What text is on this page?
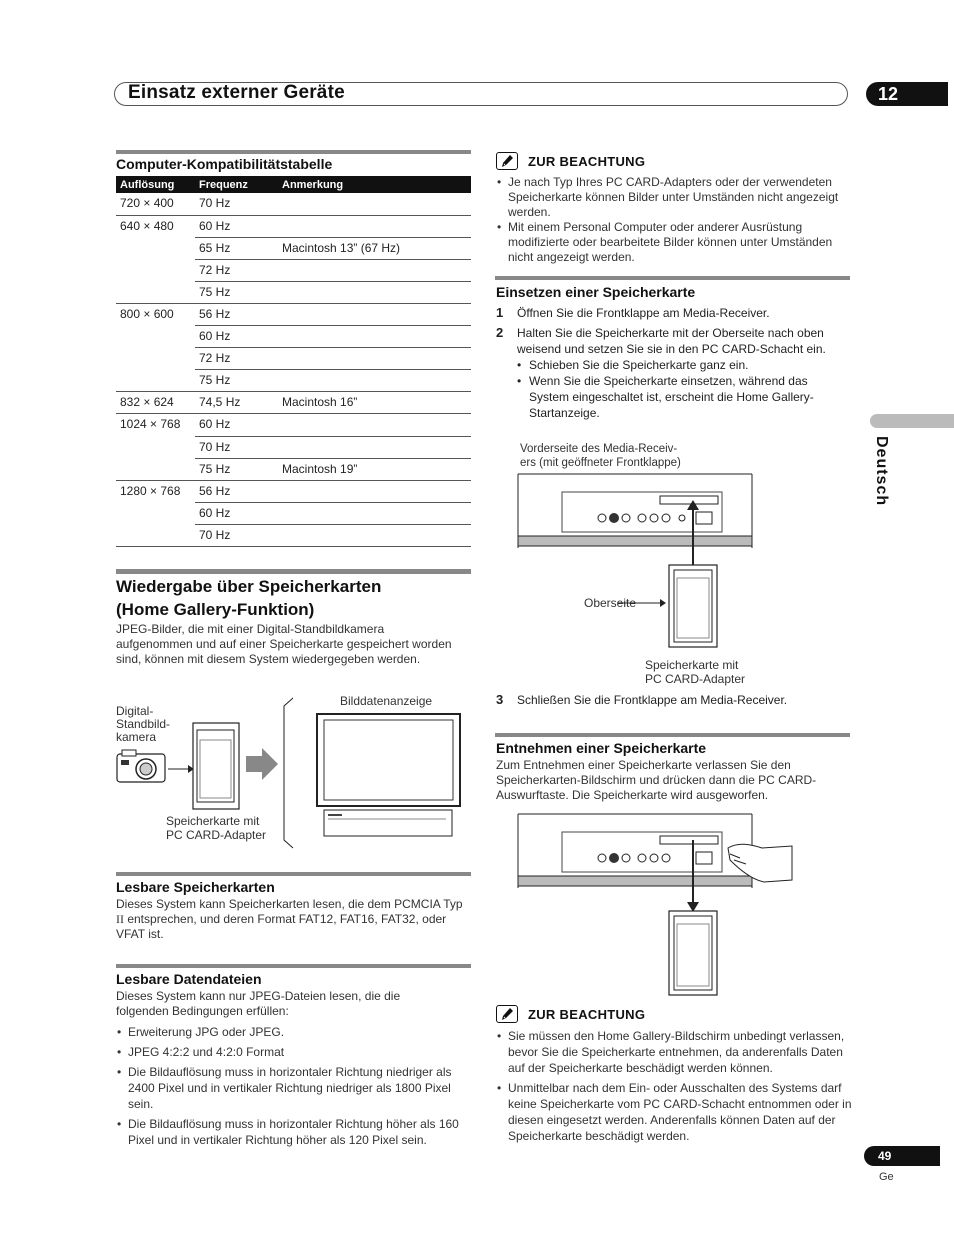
Einsatz externer Geräte	12
Deutsch
Computer-Kompatibilitätstabelle
Auflösung	Frequenz	Anmerkung
720 × 400	70 Hz	
640 × 480	60 Hz	
	65 Hz	Macintosh 13” (67 Hz)
	72 Hz	
	75 Hz	
800 × 600	56 Hz	
	60 Hz	
	72 Hz	
	75 Hz	
832 × 624	74,5 Hz	Macintosh 16”
1024 × 768	60 Hz	
	70 Hz	
	75 Hz	Macintosh 19”
1280 × 768	56 Hz	
	60 Hz	
	70 Hz	
Wiedergabe über Speicherkarten
(Home Gallery-Funktion)
JPEG-Bilder, die mit einer Digital-Standbildkamera aufgenommen und auf einer Speicherkarte gespeichert worden sind, können mit diesem System wiedergegeben werden.
Digital-
Standbild-
kamera
Speicherkarte mit
PC CARD-Adapter
Bilddatenanzeige
Lesbare Speicherkarten
Dieses System kann Speicherkarten lesen, die dem PCMCIA Typ II entsprechen, und deren Format FAT12, FAT16, FAT32, oder VFAT ist.
Lesbare Datendateien
Dieses System kann nur JPEG-Dateien lesen, die die folgenden Bedingungen erfüllen:
• Erweiterung JPG oder JPEG.
• JPEG 4:2:2 und 4:2:0 Format
• Die Bildauflösung muss in horizontaler Richtung niedriger als 2400 Pixel und in vertikaler Richtung niedriger als 1800 Pixel sein.
• Die Bildauflösung muss in horizontaler Richtung höher als 160 Pixel und in vertikaler Richtung höher als 120 Pixel sein.
ZUR BEACHTUNG
• Je nach Typ Ihres PC CARD-Adapters oder der verwendeten Speicherkarte können Bilder unter Umständen nicht angezeigt werden.
• Mit einem Personal Computer oder anderer Ausrüstung modifizierte oder bearbeitete Bilder können unter Umständen nicht angezeigt werden.
Einsetzen einer Speicherkarte
1 Öffnen Sie die Frontklappe am Media-Receiver.
2 Halten Sie die Speicherkarte mit der Oberseite nach oben weisend und setzen Sie sie in den PC CARD-Schacht ein.
• Schieben Sie die Speicherkarte ganz ein.
• Wenn Sie die Speicherkarte einsetzen, während das System eingeschaltet ist, erscheint die Home Gallery-Startanzeige.
Vorderseite des Media-Receiv-
ers (mit geöffneter Frontklappe)
Oberseite
Speicherkarte mit
PC CARD-Adapter
3 Schließen Sie die Frontklappe am Media-Receiver.
Entnehmen einer Speicherkarte
Zum Entnehmen einer Speicherkarte verlassen Sie den Speicherkarten-Bildschirm und drücken dann die PC CARD-Auswurftaste. Die Speicherkarte wird ausgeworfen.
ZUR BEACHTUNG
• Sie müssen den Home Gallery-Bildschirm unbedingt verlassen, bevor Sie die Speicherkarte entnehmen, da anderenfalls Daten auf der Speicherkarte beschädigt werden können.
• Unmittelbar nach dem Ein- oder Ausschalten des Systems darf keine Speicherkarte vom PC CARD-Schacht entnommen oder in diesen eingesetzt werden. Anderenfalls können Daten auf der Speicherkarte beschädigt werden.
49
Ge
